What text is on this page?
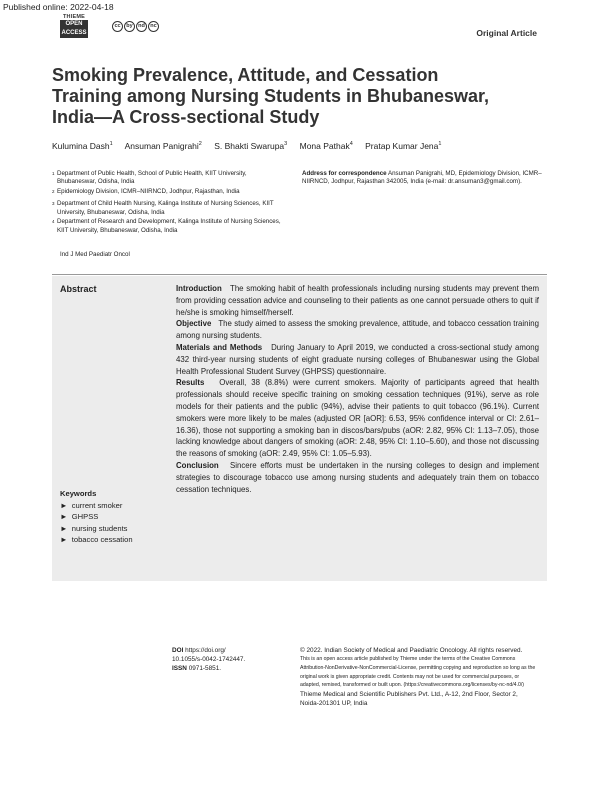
Published online: 2022-04-18
THIEME
OPEN
ACCESS
cc	by nd nc
Original Article
Smoking Prevalence, Attitude, and Cessation Training among Nursing Students in Bhubaneswar, India—A Cross-sectional Study
Kulumina Dash$^1$ Ansuman Panigrahi$^2$ S. Bhakti Swarupa$^3$ Mona Pathak$^4$ Pratap Kumar Jena$^1$
$^1$ Department of Public Health, School of Public Health, KIIT University, Bhubaneswar, Odisha, India
$^2$ Epidemiology Division, ICMR–NIIRNCD, Jodhpur, Rajasthan, India
$^3$ Department of Child Health Nursing, Kalinga Institute of Nursing Sciences, KIIT University, Bhubaneswar, Odisha, India
$^4$ Department of Research and Development, Kalinga Institute of Nursing Sciences, KIIT University, Bhubaneswar, Odisha, India
Address for correspondence Ansuman Panigrahi, MD, Epidemiology Division, ICMR–NIIRNCD, Jodhpur, Rajasthan 342005, India (e-mail: dr.ansuman3@gmail.com).
Ind J Med Paediatr Oncol
Abstract	Introduction The smoking habit of health professionals including nursing students may prevent them from providing cessation advice and counseling to their patients as one cannot persuade others to quit if he/she is smoking himself/herself.
Objective The study aimed to assess the smoking prevalence, attitude, and tobacco cessation training among nursing students.
Materials and Methods During January to April 2019, we conducted a cross-sectional study among 432 third-year nursing students of eight graduate nursing colleges of Bhubaneswar using the Global Health Professional Student Survey (GHPSS) questionnaire.
Results Overall, 38 (8.8%) were current smokers. Majority of participants agreed that health professionals should receive specific training on smoking cessation techniques (91%), serve as role models for their patients and the public (94%), advise their patients to quit tobacco (96.1%). Current smokers were more likely to be males (adjusted OR [aOR]: 6.53, 95% confidence interval or CI: 2.61–16.36), those not supporting a smoking ban in discos/bars/pubs (aOR: 2.82, 95% CI: 1.13–7.05), those lacking knowledge about dangers of smoking (aOR: 2.48, 95% CI: 1.10–5.60), and those not discussing the reasons of smoking (aOR: 2.49, 95% CI: 1.05–5.93).
Conclusion Sincere efforts must be undertaken in the nursing colleges to design and implement strategies to discourage tobacco use among nursing students and adequately train them on tobacco cessation techniques.
Keywords
►  current smoker
►  GHPSS
►  nursing students
►  tobacco cessation
DOI https://doi.org/
10.1055/s-0042-1742447.
ISSN 0971-5851.
© 2022. Indian Society of Medical and Paediatric Oncology. All rights reserved.
This is an open access article published by Thieme under the terms of the Creative Commons Attribution-NonDerivative-NonCommercial-License, permitting copying and reproduction so long as the original work is given appropriate credit. Contents may not be used for commercial purposes, or adapted, remixed, transformed or built upon. (https://creativecommons.org/licenses/by-nc-nd/4.0/)
Thieme Medical and Scientific Publishers Pvt. Ltd., A-12, 2nd Floor, Sector 2, Noida-201301 UP, India
